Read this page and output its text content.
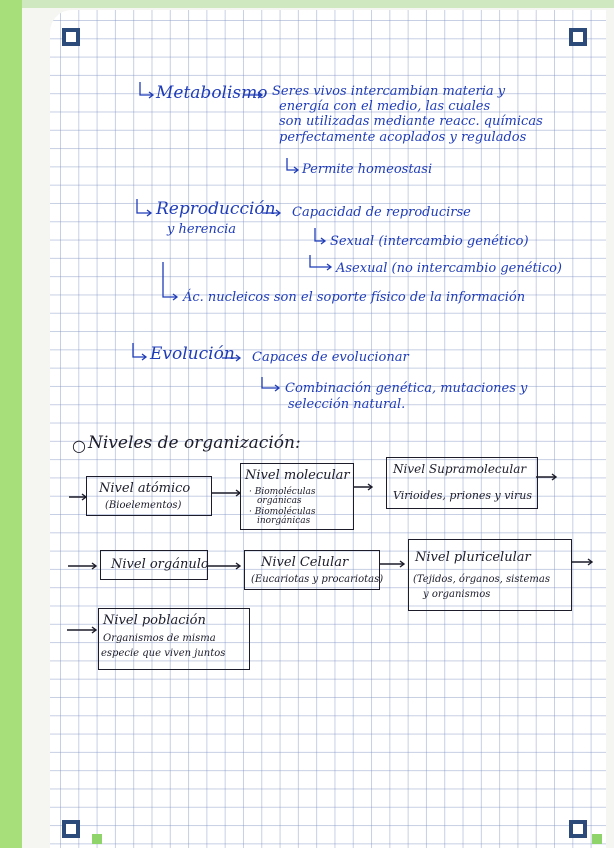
Metabolismo Seres vivos intercambian materia y
energía con el medio, las cuales
son utilizadas mediante reacc. químicas
perfectamente acoplados y regulados
Permite homeostasi
Reproducción
y herencia
Capacidad de reproducirse
Sexual (intercambio genético)
Asexual (no intercambio genético)
Ác. nucleicos son el soporte físico de la información
Evolución Capaces de evolucionar
Combinación genética, mutaciones y
selección natural.
○ Niveles de organización:
Nivel atómico
(Bioelementos)
Nivel molecular
· Biomoléculas
orgánicas
· Biomoléculas
inorgánicas
Nivel Supramolecular
Virioides, priones y virus
Nivel orgánulo	Nivel Celular
(Eucariotas y procariotas)
Nivel pluricelular
(Tejidos, órganos, sistemas
y organismos
Nivel población
Organismos de misma
especie que viven juntos
